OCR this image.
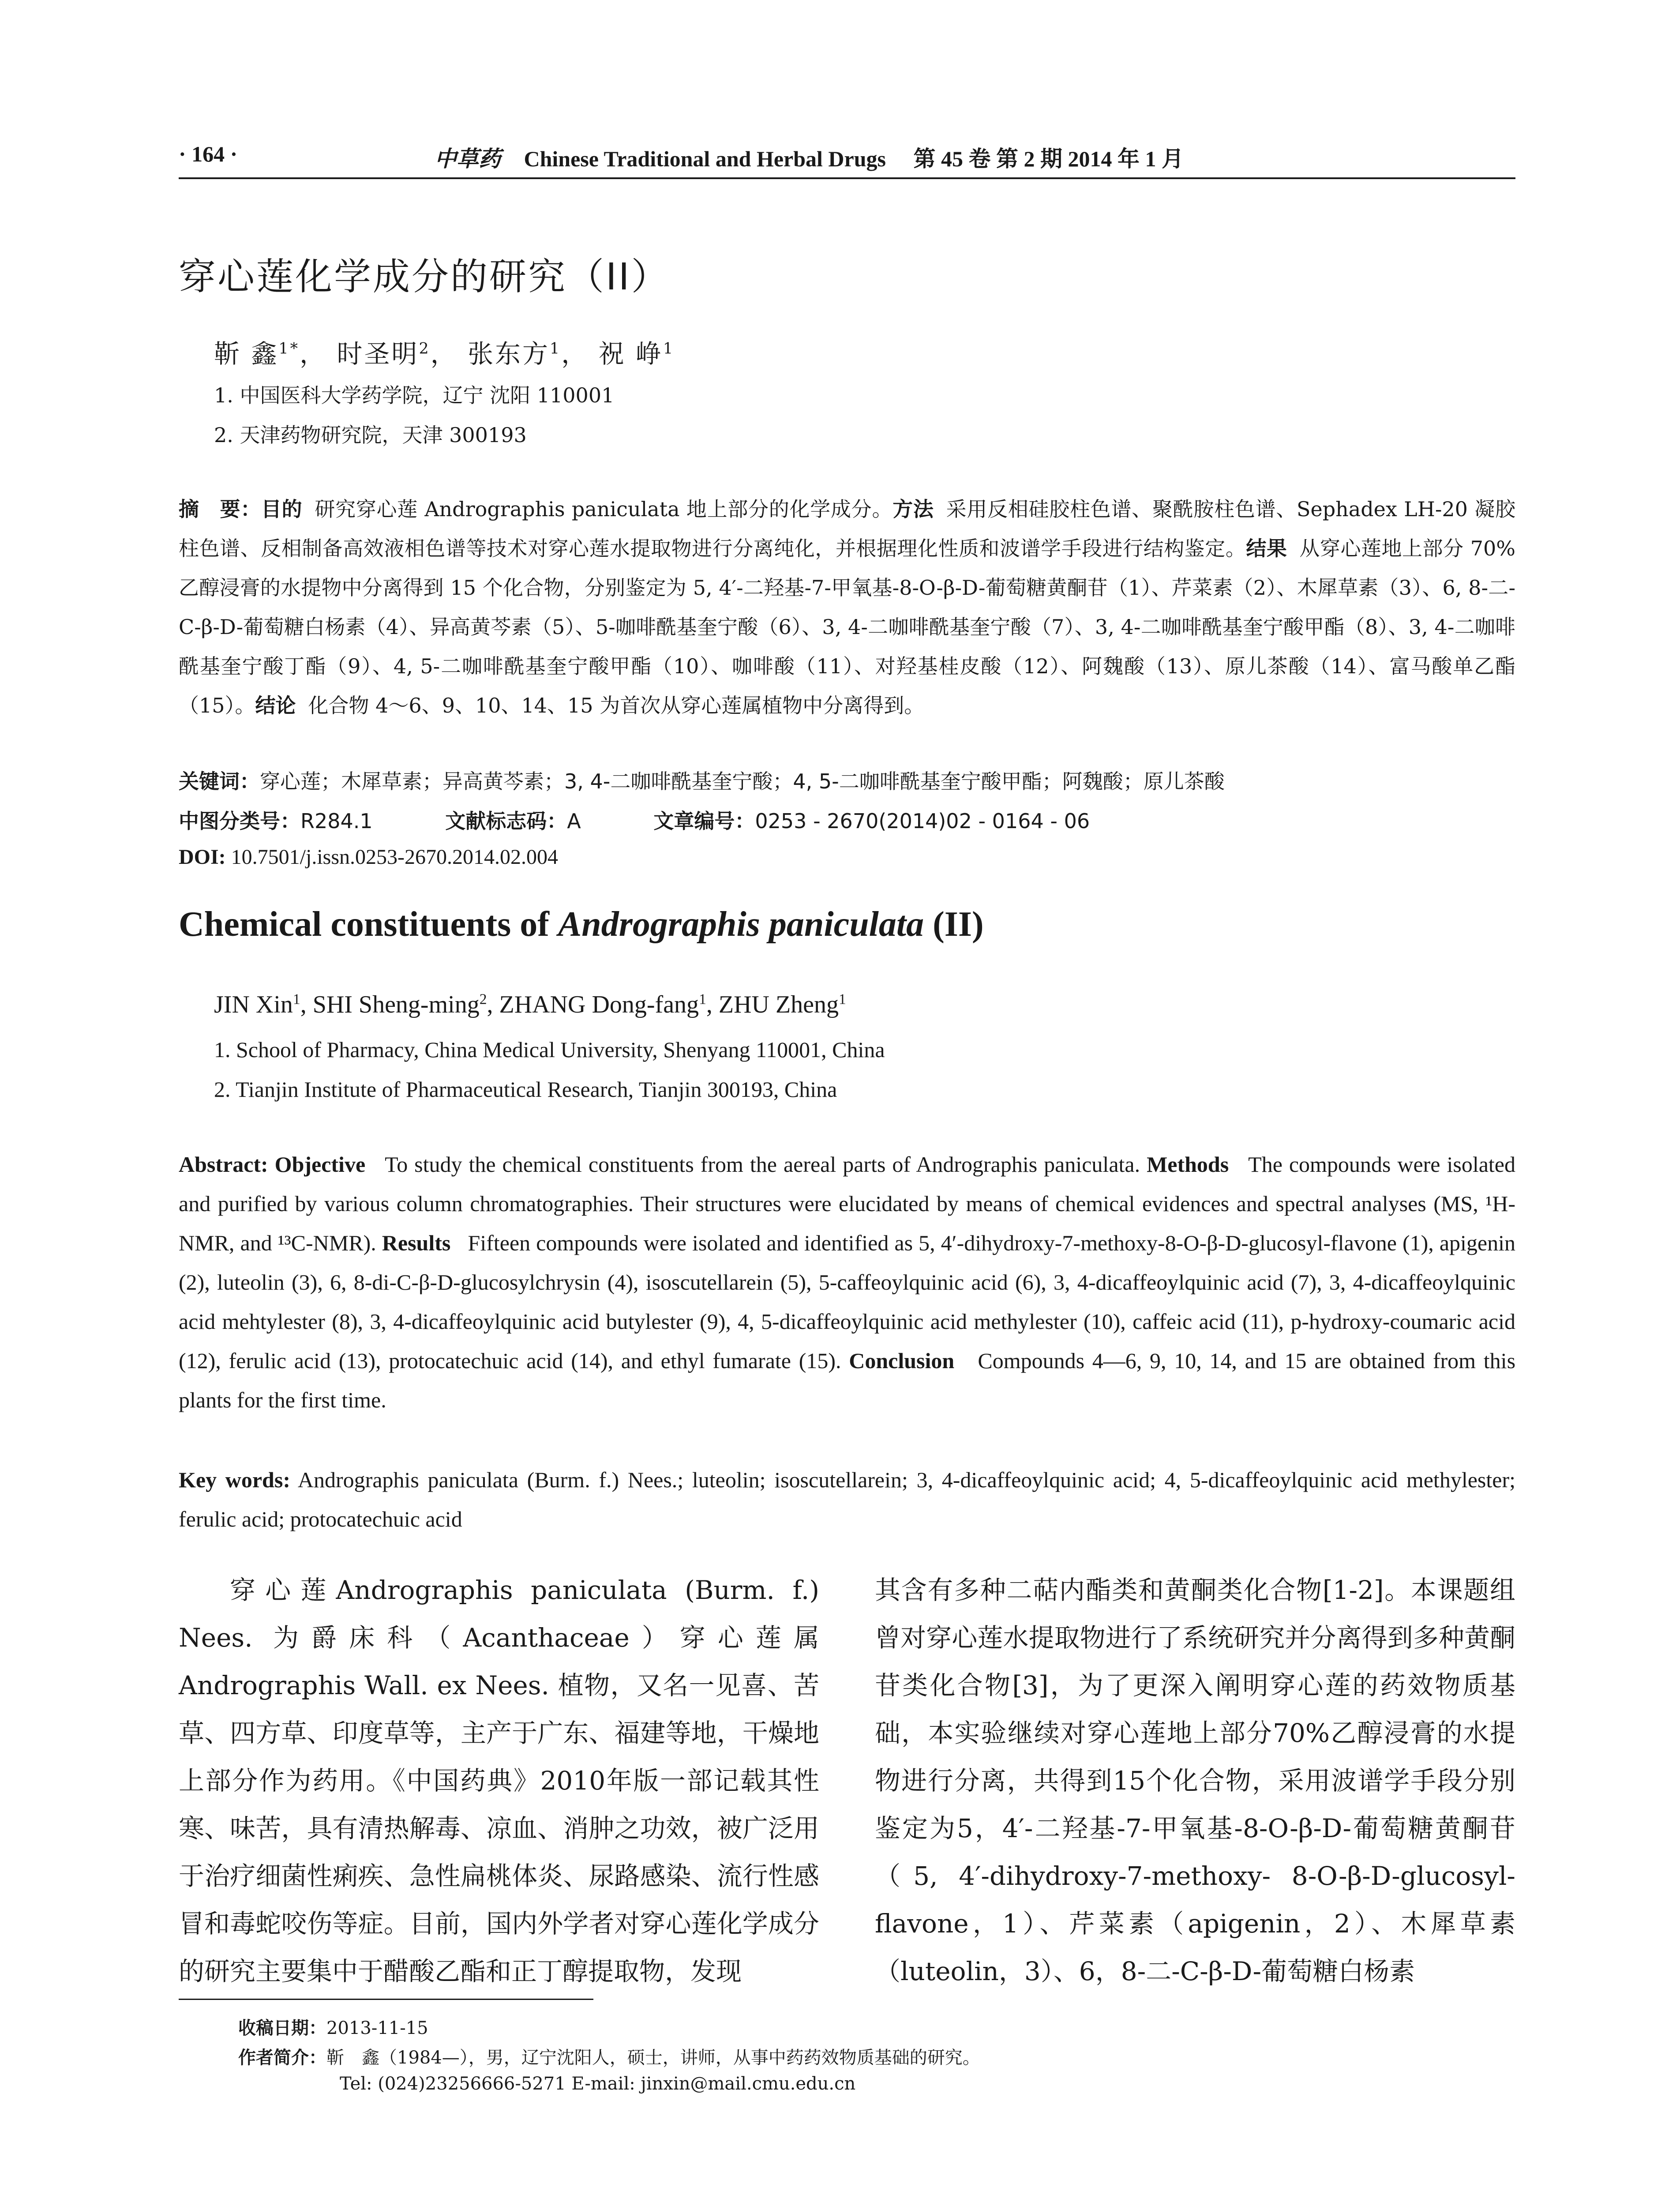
· 164 ·	中草药 Chinese Traditional and Herbal Drugs 第 45 卷 第 2 期 2014 年 1 月
穿心莲化学成分的研究（II）
靳 鑫$^{1*}$， 时圣明$^2$， 张东方$^1$， 祝 峥$^1$
1. 中国医科大学药学院，辽宁 沈阳 110001
2. 天津药物研究院，天津 300193
摘　要：目的 研究穿心莲 Andrographis paniculata 地上部分的化学成分。方法 采用反相硅胶柱色谱、聚酰胺柱色谱、Sephadex LH-20 凝胶柱色谱、反相制备高效液相色谱等技术对穿心莲水提取物进行分离纯化，并根据理化性质和波谱学手段进行结构鉴定。结果 从穿心莲地上部分 70%乙醇浸膏的水提物中分离得到 15 个化合物，分别鉴定为 5, 4′-二羟基-7-甲氧基-8-O-β-D-葡萄糖黄酮苷（1）、芹菜素（2）、木犀草素（3）、6, 8-二-C-β-D-葡萄糖白杨素（4）、异高黄芩素（5）、5-咖啡酰基奎宁酸（6）、3, 4-二咖啡酰基奎宁酸（7）、3, 4-二咖啡酰基奎宁酸甲酯（8）、3, 4-二咖啡酰基奎宁酸丁酯（9）、4, 5-二咖啡酰基奎宁酸甲酯（10）、咖啡酸（11）、对羟基桂皮酸（12）、阿魏酸（13）、原儿茶酸（14）、富马酸单乙酯（15）。结论 化合物 4～6、9、10、14、15 为首次从穿心莲属植物中分离得到。
关键词：穿心莲；木犀草素；异高黄芩素；3, 4-二咖啡酰基奎宁酸；4, 5-二咖啡酰基奎宁酸甲酯；阿魏酸；原儿茶酸
中图分类号：R284.1	文献标志码：A	文章编号：0253 - 2670(2014)02 - 0164 - 06
DOI: 10.7501/j.issn.0253-2670.2014.02.004
Chemical constituents of Andrographis paniculata (II)
JIN Xin$^1$, SHI Sheng-ming$^2$, ZHANG Dong-fang$^1$, ZHU Zheng$^1$
1. School of Pharmacy, China Medical University, Shenyang 110001, China
2. Tianjin Institute of Pharmaceutical Research, Tianjin 300193, China
Abstract: Objective To study the chemical constituents from the aereal parts of Andrographis paniculata. Methods The compounds were isolated and purified by various column chromatographies. Their structures were elucidated by means of chemical evidences and spectral analyses (MS, ¹H-NMR, and ¹³C-NMR). Results Fifteen compounds were isolated and identified as 5, 4′-dihydroxy-7-methoxy-8-O-β-D-glucosyl-flavone (1), apigenin (2), luteolin (3), 6, 8-di-C-β-D-glucosylchrysin (4), isoscutellarein (5), 5-caffeoylquinic acid (6), 3, 4-dicaffeoylquinic acid (7), 3, 4-dicaffeoylquinic acid mehtylester (8), 3, 4-dicaffeoylquinic acid butylester (9), 4, 5-dicaffeoylquinic acid methylester (10), caffeic acid (11), p-hydroxy-coumaric acid (12), ferulic acid (13), protocatechuic acid (14), and ethyl fumarate (15). Conclusion Compounds 4—6, 9, 10, 14, and 15 are obtained from this plants for the first time.
Key words: Andrographis paniculata (Burm. f.) Nees.; luteolin; isoscutellarein; 3, 4-dicaffeoylquinic acid; 4, 5-dicaffeoylquinic acid methylester; ferulic acid; protocatechuic acid
穿心莲Andrographis paniculata (Burm. f.) Nees. 为爵床科（Acanthaceae）穿心莲属Andrographis Wall. ex Nees. 植物，又名一见喜、苦草、四方草、印度草等，主产于广东、福建等地，干燥地上部分作为药用。《中国药典》2010年版一部记载其性寒、味苦，具有清热解毒、凉血、消肿之功效，被广泛用于治疗细菌性痢疾、急性扁桃体炎、尿路感染、流行性感冒和毒蛇咬伤等症。目前，国内外学者对穿心莲化学成分的研究主要集中于醋酸乙酯和正丁醇提取物，发现
其含有多种二萜内酯类和黄酮类化合物[1-2]。本课题组曾对穿心莲水提取物进行了系统研究并分离得到多种黄酮苷类化合物[3]，为了更深入阐明穿心莲的药效物质基础，本实验继续对穿心莲地上部分70%乙醇浸膏的水提物进行分离，共得到15个化合物，采用波谱学手段分别鉴定为5，4′-二羟基-7-甲氧基-8-O-β-D-葡萄糖黄酮苷（5, 4′-dihydroxy-7-methoxy- 8-O-β-D-glucosyl-flavone，1）、芹菜素（apigenin，2）、木犀草素（luteolin，3）、6，8-二-C-β-D-葡萄糖白杨素
收稿日期：2013-11-15
作者简介：靳　鑫（1984—），男，辽宁沈阳人，硕士，讲师，从事中药药效物质基础的研究。
Tel: (024)23256666-5271 E-mail: jinxin@mail.cmu.edu.cn
